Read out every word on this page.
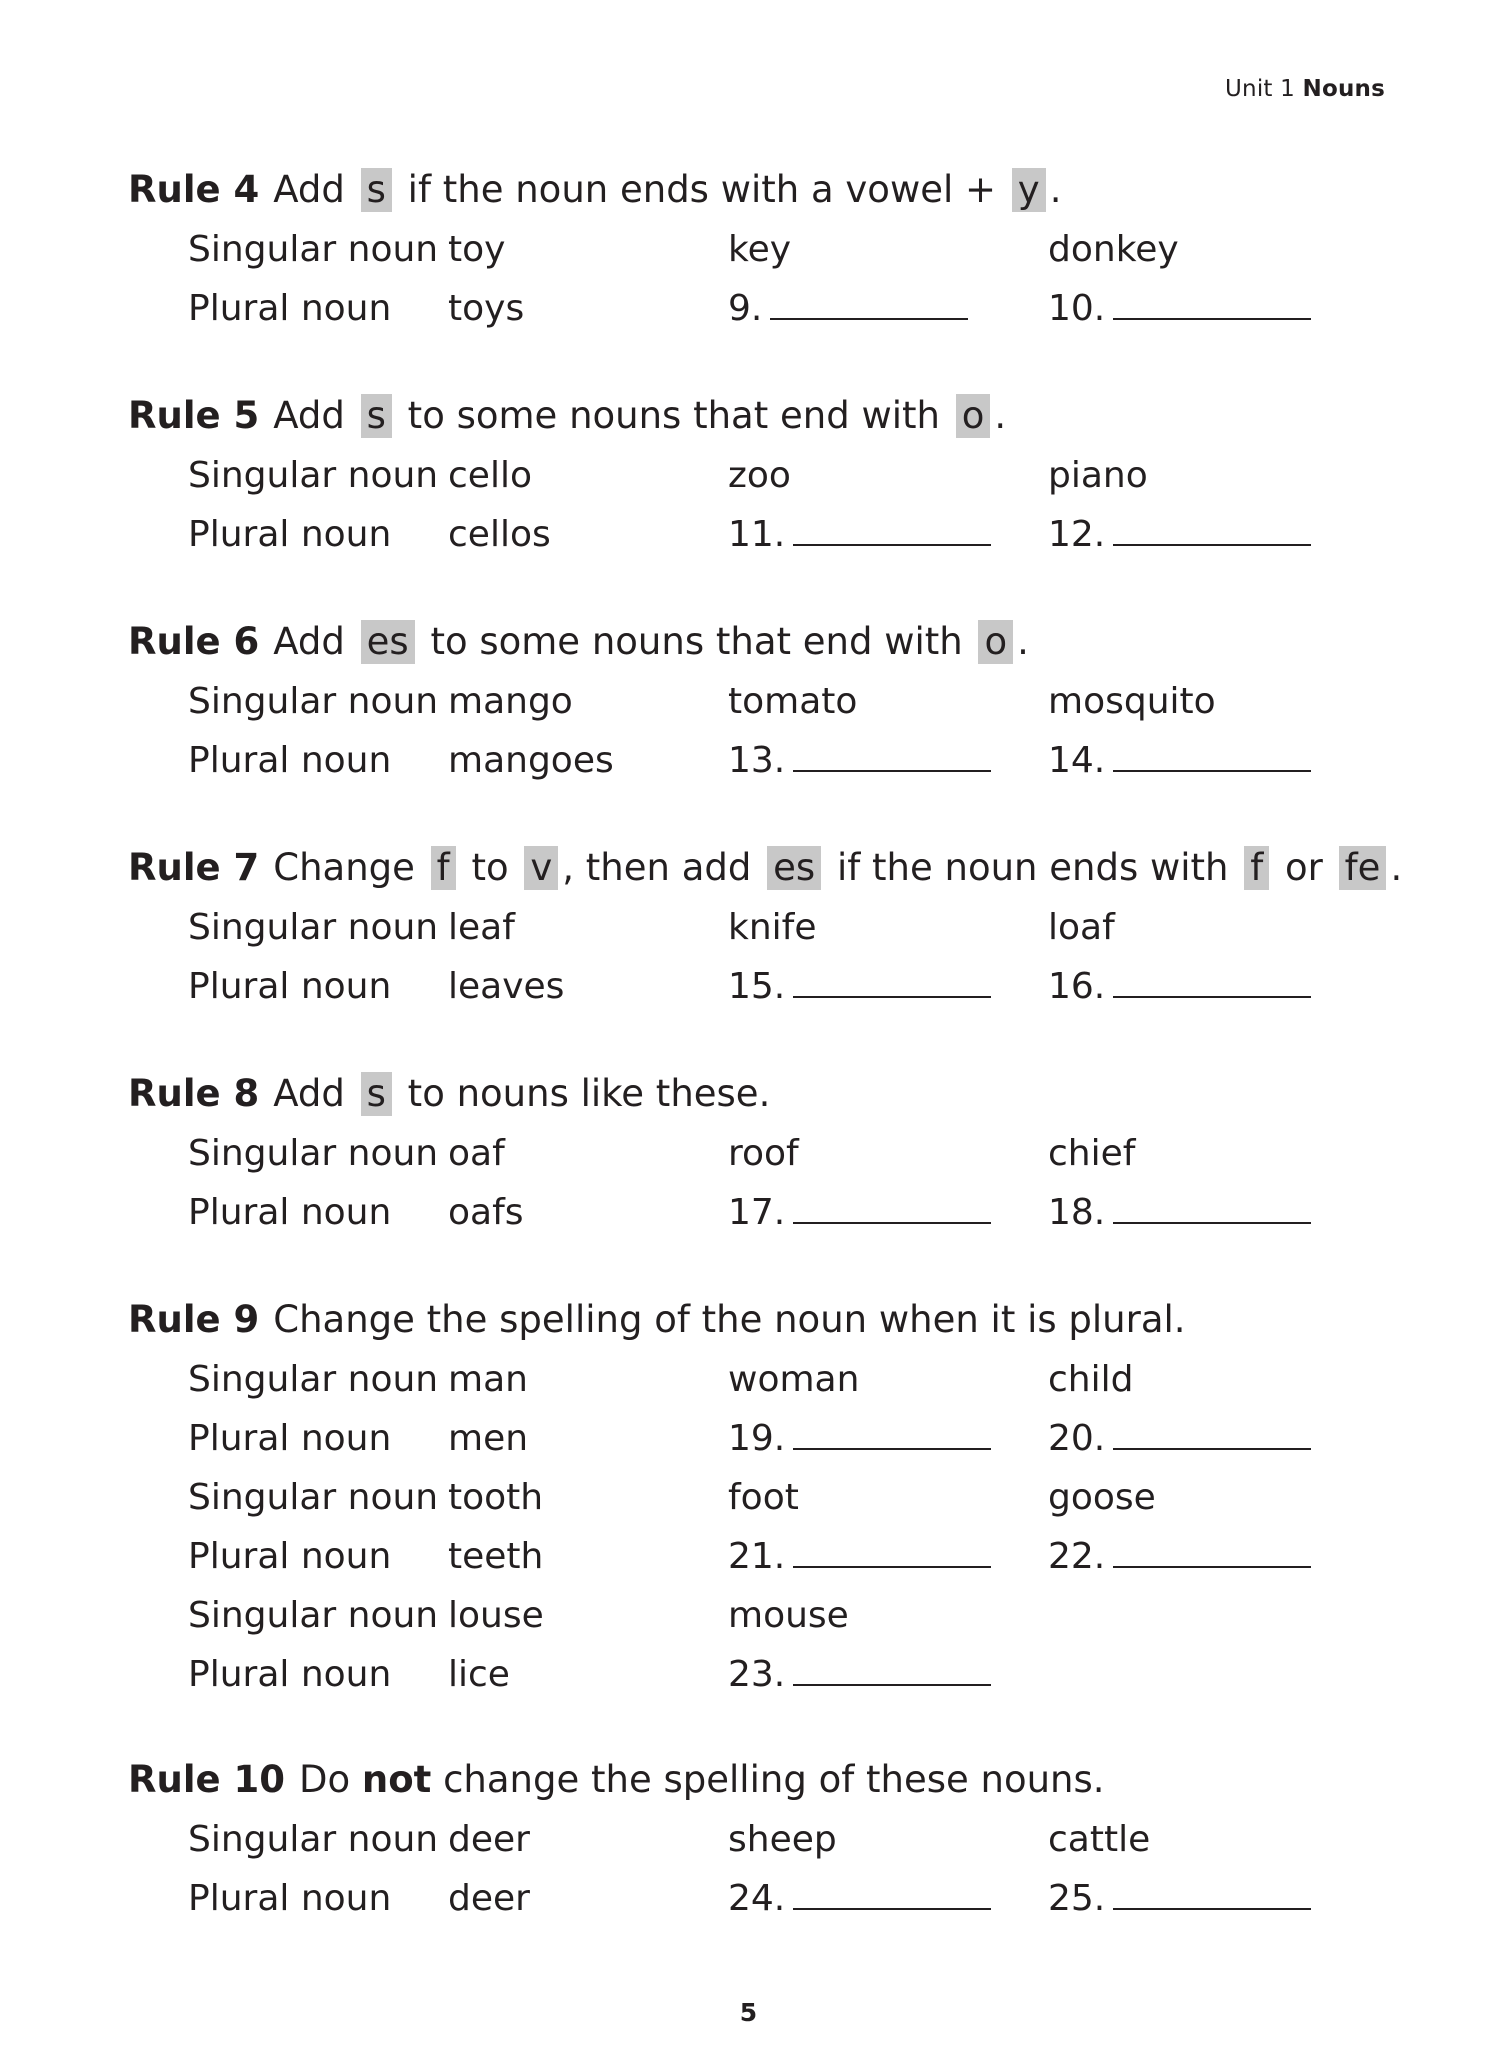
Unit 1 Nouns
Rule 4 Add s if the noun ends with a vowel + y .
Singular noun toy	key	donkey
Plural noun toys	9.	10.
Rule 5 Add s to some nouns that end with o .
Singular noun cello	zoo	piano
Plural noun cellos	11.	12.
Rule 6 Add es to some nouns that end with o .
Singular noun mango	tomato	mosquito
Plural noun mangoes	13.	14.
Rule 7 Change f to v , then add es if the noun ends with f or fe .
Singular noun leaf	knife	loaf
Plural noun leaves	15.	16.
Rule 8 Add s to nouns like these.
Singular noun oaf	roof	chief
Plural noun oafs	17.	18.
Rule 9 Change the spelling of the noun when it is plural.
Singular noun man	woman	child
Plural noun men	19.	20.
Singular noun tooth	foot	goose
Plural noun teeth	21.	22.
Singular noun louse	mouse
Plural noun lice	23.
Rule 10 Do not change the spelling of these nouns.
Singular noun deer	sheep	cattle
Plural noun deer	24.	25.
5
